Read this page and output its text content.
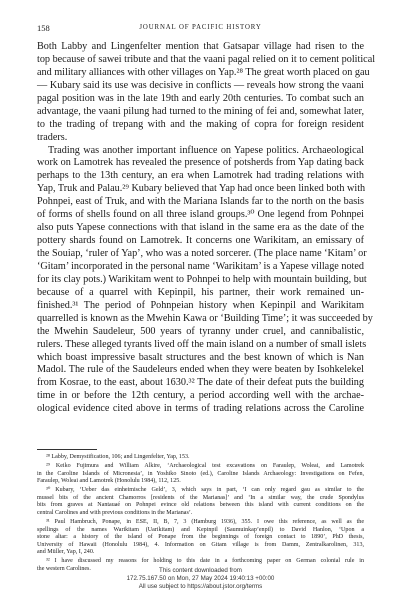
158	JOURNAL OF PACIFIC HISTORY

Both Labby and Lingenfelter mention that Gatsapar village had risen to the
top because of sawei tribute and that the vaani pagal relied on it to cement political
and military alliances with other villages on Yap.²⁸ The great worth placed on gau
— Kubary said its use was decisive in conflicts — reveals how strong the vaani
pagal position was in the late 19th and early 20th centuries. To combat such an
advantage, the vaani pilung had turned to the mining of fei and, somewhat later,
to the trading of trepang with and the making of copra for foreign resident
traders.

Trading was another important influence on Yapese politics. Archaeological
work on Lamotrek has revealed the presence of potsherds from Yap dating back
perhaps to the 13th century, an era when Lamotrek had trading relations with
Yap, Truk and Palau.²⁹ Kubary believed that Yap had once been linked both with
Pohnpei, east of Truk, and with the Mariana Islands far to the north on the basis
of forms of shells found on all three island groups.³⁰ One legend from Pohnpei
also puts Yapese connections with that island in the same era as the date of the
pottery shards found on Lamotrek. It concerns one Warikitam, an emissary of
the Souiap, ‘ruler of Yap’, who was a noted sorcerer. (The place name ‘Kitam’ or
‘Gitam’ incorporated in the personal name ‘Warikitam’ is a Yapese village noted
for its clay pots.) Warikitam went to Pohnpei to help with mountain building, but
because of a quarrel with Kepinpil, his partner, their work remained un-
finished.³¹ The period of Pohnpeian history when Kepinpil and Warikitam
quarrelled is known as the Mwehin Kawa or ‘Building Time’; it was succeeded by
the Mwehin Saudeleur, 500 years of tyranny under cruel, and cannibalistic,
rulers. These alleged tyrants lived off the main island on a number of small islets
which boast impressive basalt structures and the best known of which is Nan
Madol. The rule of the Saudeleurs ended when they were beaten by Isohkelekel
from Kosrae, to the east, about 1630.³² The date of their defeat puts the building
time in or before the 12th century, a period according well with the archae-
ological evidence cited above in terms of trading relations across the Caroline

²⁸ Labby, Demystification, 106; and Lingenfelter, Yap, 153.
²⁹ Keiko Fujimura and William Alkire, ‘Archaeological test excavations on Faraulep, Woleai, and Lamotrek
in the Caroline Islands of Micronesia’, in Yoshiko Sinoto (ed.), Caroline Islands Archaeology: Investigations on Fefen,
Faraulep, Woleai and Lamotrek (Honolulu 1984), 112, 125.
³⁰ Kubary, ‘Ueber das einheimische Geld’, 3, which says in part, ‘I can only regard gau as similar to the
mussel bits of the ancient Chamorros [residents of the Marianas]’ and ‘In a similar way, the crude Spondylus
bits from graves at Nantauaé on Pohnpei evince old relations between this island with current conditions on the
central Carolines and with previous conditions in the Marianas’.
³¹ Paul Hambruch, Ponape, in ESE, II, B, 7, 3 (Hamburg 1936), 355. I owe this reference, as well as the
spellings of the names Warikitam (Uarikitam) and Kepinpil (Saumuinkap’enpil) to David Hanlon, ‘Upon a
stone altar: a history of the island of Ponape from the beginnings of foreign contact to 1890’, PhD thesis,
University of Hawaii (Honolulu 1984), 4. Information on Gitam village is from Damm, Zentralkarolinen, 313,
and Müller, Yap, I, 240.
³² I have discussed my reasons for holding to this date in a forthcoming paper on German colonial rule in
the western Carolines.	This content downloaded from
172.75.167.50 on Mon, 27 May 2024 19:40:13 +00:00
All use subject to https://about.jstor.org/terms
